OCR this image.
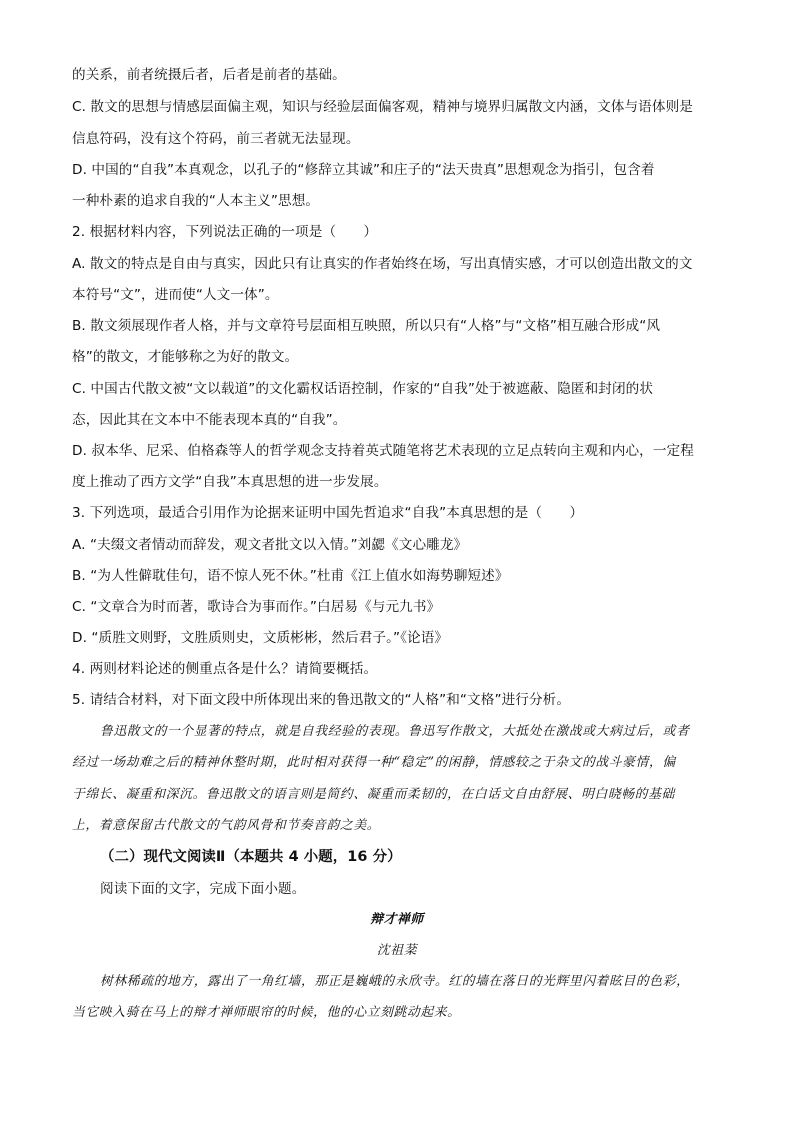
的关系，前者统摄后者，后者是前者的基础。
C. 散文的思想与情感层面偏主观，知识与经验层面偏客观，精神与境界归属散文内涵，文体与语体则是
信息符码，没有这个符码，前三者就无法显现。
D. 中国的“自我”本真观念，以孔子的“修辞立其诚”和庄子的“法天贵真”思想观念为指引，包含着
一种朴素的追求自我的“人本主义”思想。
2. 根据材料内容，下列说法正确的一项是（　　）
A. 散文的特点是自由与真实，因此只有让真实的作者始终在场，写出真情实感，才可以创造出散文的文
本符号“文”，进而使“人文一体”。
B. 散文须展现作者人格，并与文章符号层面相互映照，所以只有“人格”与“文格”相互融合形成“风
格”的散文，才能够称之为好的散文。
C. 中国古代散文被“文以载道”的文化霸权话语控制，作家的“自我”处于被遮蔽、隐匿和封闭的状
态，因此其在文本中不能表现本真的“自我”。
D. 叔本华、尼采、伯格森等人的哲学观念支持着英式随笔将艺术表现的立足点转向主观和内心，一定程
度上推动了西方文学“自我”本真思想的进一步发展。
3. 下列选项，最适合引用作为论据来证明中国先哲追求“自我”本真思想的是（　　）
A. “夫缀文者情动而辞发，观文者批文以入情。”刘勰《文心雕龙》
B. “为人性僻耽佳句，语不惊人死不休。”杜甫《江上值水如海势聊短述》
C. “文章合为时而著，歌诗合为事而作。”白居易《与元九书》
D. “质胜文则野，文胜质则史，文质彬彬，然后君子。”《论语》
4. 两则材料论述的侧重点各是什么？请简要概括。
5. 请结合材料，对下面文段中所体现出来的鲁迅散文的“人格”和“文格”进行分析。
鲁迅散文的一个显著的特点，就是自我经验的表现。鲁迅写作散文，大抵处在激战或大病过后，或者
经过一场劫难之后的精神休整时期，此时相对获得一种“稳定”的闲静，情感较之于杂文的战斗豪情，偏
于绵长、凝重和深沉。鲁迅散文的语言则是简约、凝重而柔韧的，在白话文自由舒展、明白晓畅的基础
上，着意保留古代散文的气韵风骨和节奏音韵之美。
（二）现代文阅读Ⅱ（本题共 4 小题，16 分）
阅读下面的文字，完成下面小题。
辩才禅师
沈祖棻
树林稀疏的地方，露出了一角红墙，那正是巍峨的永欣寺。红的墙在落日的光辉里闪着眩目的色彩，
当它映入骑在马上的辩才禅师眼帘的时候，他的心立刻跳动起来。
